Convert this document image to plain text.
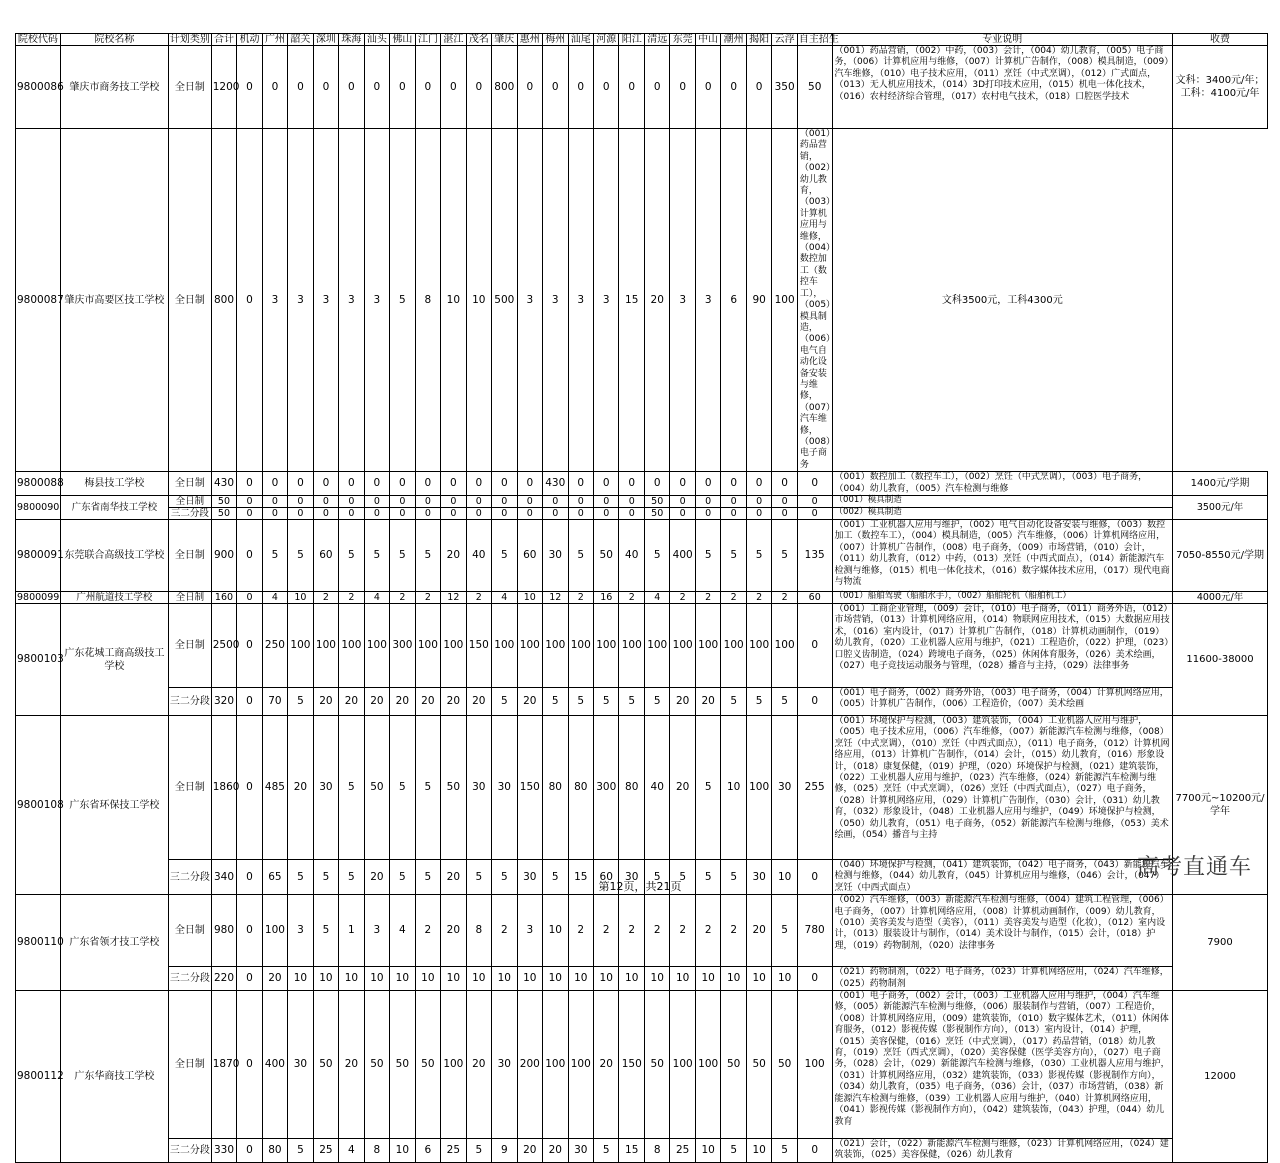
院校代码	院校名称	计划类别	合计	机动	广州	韶关	深圳	珠海	汕头	佛山	江门	湛江	茂名	肇庆	惠州	梅州	汕尾	河源	阳江	清远	东莞	中山	潮州	揭阳	云浮	自主招生	专业说明	收费
9800086	肇庆市商务技工学校	全日制	1200	0	0	0	0	0	0	0	0	0	0	800	0	0	0	0	0	0	0	0	0	0	350	50	（001）药品营销，（002）中药，（003）会计，（004）幼儿教育，（005）电子商务，（006）计算机应用与维修，（007）计算机广告制作，（008）模具制造，（009）汽车维修，（010）电子技术应用，（011）烹饪（中式烹调），（012）广式面点，（013）无人机应用技术，（014）3D打印技术应用，（015）机电一体化技术，（016）农村经济综合管理，（017）农村电气技术，（018）口腔医学技术	文科：3400元/年；工科：4100元/年
9800087	肇庆市高要区技工学校	全日制	800	0	3	3	3	3	3	5	8	10	10	500	3	3	3	3	15	20	3	3	6	90	100	（001）药品营销，（002）幼儿教育，（003）计算机应用与维修，（004）数控加工（数控车工），（005）模具制造，（006）电气自动化设备安装与维修，（007）汽车维修，（008）电子商务	文科3500元，工科4300元	
9800088	梅县技工学校	全日制	430	0	0	0	0	0	0	0	0	0	0	0	0	430	0	0	0	0	0	0	0	0	0	0	（001）数控加工（数控车工），（002）烹饪（中式烹调），（003）电子商务，（004）幼儿教育，（005）汽车检测与维修	1400元/学期
9800090	广东省南华技工学校	全日制	50	0	0	0	0	0	0	0	0	0	0	0	0	0	0	0	0	50	0	0	0	0	0	0	（001）模具制造	3500元/年
		三二分段	50	0	0	0	0	0	0	0	0	0	0	0	0	0	0	0	0	50	0	0	0	0	0	0	（002）模具制造	
9800091	东莞联合高级技工学校	全日制	900	0	5	5	60	5	5	5	5	20	40	5	60	30	5	50	40	5	400	5	5	5	5	135	（001）工业机器人应用与维护，（002）电气自动化设备安装与维修，（003）数控加工（数控车工），（004）模具制造，（005）汽车维修，（006）计算机网络应用，（007）计算机广告制作，（008）电子商务，（009）市场营销，（010）会计，（011）幼儿教育，（012）中药，（013）烹饪（中西式面点），（014）新能源汽车检测与维修，（015）机电一体化技术，（016）数字媒体技术应用，（017）现代电商与物流	7050-8550元/学期
9800099	广州航道技工学校	全日制	160	0	4	10	2	2	4	2	2	12	2	4	10	12	2	16	2	4	2	2	2	2	2	60	（001）船舶驾驶（船舶水手），（002）船舶轮机（船舶机工）	4000元/年
9800103	广东花城工商高级技工学校	全日制	2500	0	250	100	100	100	100	300	100	100	150	100	100	100	100	100	100	100	100	100	100	100	100	0	（001）工商企业管理，（009）会计，（010）电子商务，（011）商务外语，（012）市场营销，（013）计算机网络应用，（014）物联网应用技术，（015）大数据应用技术，（016）室内设计，（017）计算机广告制作，（018）计算机动画制作，（019）幼儿教育，（020）工业机器人应用与维护，（021）工程造价，（022）护理，（023）口腔义齿制造，（024）跨境电子商务，（025）休闲体育服务，（026）美术绘画，（027）电子竞技运动服务与管理，（028）播音与主持，（029）法律事务	11600-38000
		三二分段	320	0	70	5	20	20	20	20	20	20	20	5	20	5	5	5	5	5	20	20	5	5	5	0	（001）电子商务，（002）商务外语，（003）电子商务，（004）计算机网络应用，（005）计算机广告制作，（006）工程造价，（007）美术绘画	
9800108	广东省环保技工学校	全日制	1860	0	485	20	30	5	50	5	5	50	30	30	150	80	80	300	80	40	20	5	10	100	30	255	（001）环境保护与检测，（003）建筑装饰，（004）工业机器人应用与维护，（005）电子技术应用，（006）汽车维修，（007）新能源汽车检测与维修，（008）烹饪（中式烹调），（010）烹饪（中西式面点），（011）电子商务，（012）计算机网络应用，（013）计算机广告制作，（014）会计，（015）幼儿教育，（016）形象设计，（018）康复保健，（019）护理，（020）环境保护与检测，（021）建筑装饰，（022）工业机器人应用与维护，（023）汽车维修，（024）新能源汽车检测与维修，（025）烹饪（中式烹调），（026）烹饪（中西式面点），（027）电子商务，（028）计算机网络应用，（029）计算机广告制作，（030）会计，（031）幼儿教育，（032）形象设计，（048）工业机器人应用与维护，（049）环境保护与检测，（050）幼儿教育，（051）电子商务，（052）新能源汽车检测与维修，（053）美术绘画，（054）播音与主持	7700元~10200元/学年
		三二分段	340	0	65	5	5	5	20	5	5	20	5	5	30	5	15	60	30	5	5	5	5	30	10	0	（040）环境保护与检测，（041）建筑装饰，（042）电子商务，（043）新能源汽车检测与维修，（044）幼儿教育，（045）计算机应用与维修，（046）会计，（047）烹饪（中西式面点）	
9800110	广东省领才技工学校	全日制	980	0	100	3	5	1	3	4	2	20	8	2	3	10	2	2	2	2	2	2	2	20	5	780	（002）汽车维修，（003）新能源汽车检测与维修，（004）建筑工程管理，（006）电子商务，（007）计算机网络应用，（008）计算机动画制作，（009）幼儿教育，（010）美容美发与造型（美容），（011）美容美发与造型（化妆），（012）室内设计，（013）服装设计与制作，（014）美术设计与制作，（015）会计，（018）护理，（019）药物制剂，（020）法律事务	7900
		三二分段	220	0	20	10	10	10	10	10	10	10	10	10	10	10	10	10	10	10	10	10	10	10	10	0	（021）药物制剂，（022）电子商务，（023）计算机网络应用，（024）汽车维修，（025）药物制剂	
9800112	广东华商技工学校	全日制	1870	0	400	30	50	20	50	50	50	100	20	30	200	100	100	20	150	50	100	100	50	50	50	100	（001）电子商务，（002）会计，（003）工业机器人应用与维护，（004）汽车维修，（005）新能源汽车检测与维修，（006）服装制作与营销，（007）工程造价，（008）计算机网络应用，（009）建筑装饰，（010）数字媒体艺术，（011）休闲体育服务，（012）影视传媒（影视制作方向），（013）室内设计，（014）护理，（015）美容保健，（016）烹饪（中式烹调），（017）药品营销，（018）幼儿教育，（019）烹饪（西式烹调），（020）美容保健（医学美容方向），（027）电子商务，（028）会计，（029）新能源汽车检测与维修，（030）工业机器人应用与维护，（031）计算机网络应用，（032）建筑装饰，（033）影视传媒（影视制作方向），（034）幼儿教育，（035）电子商务，（036）会计，（037）市场营销，（038）新能源汽车检测与维修，（039）工业机器人应用与维护，（040）计算机网络应用，（041）影视传媒（影视制作方向），（042）建筑装饰，（043）护理，（044）幼儿教育	12000
		三二分段	330	0	80	5	25	4	8	10	6	25	5	9	20	20	30	5	15	8	25	10	5	10	5	0	（021）会计，（022）新能源汽车检测与维修，（023）计算机网络应用，（024）建筑装饰，（025）美容保健，（026）幼儿教育	
第12页，共21页
高考直通车
